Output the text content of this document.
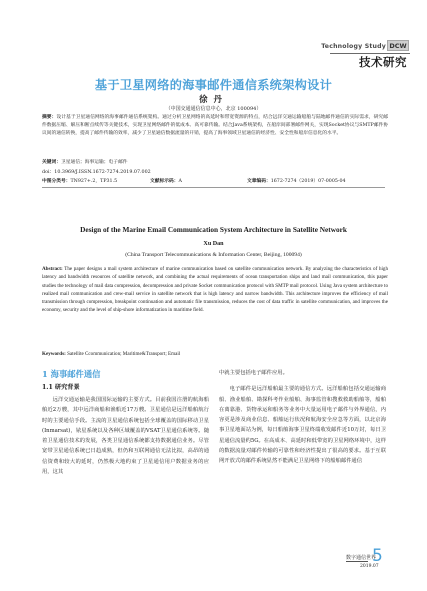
Technology Study DCW
技术研究
基于卫星网络的海事邮件通信系统架构设计
徐丹
（中国交通通信信息中心，北京 100094）
摘要：设计基于卫星通信网络的海事邮件通信系统架构。通过分析卫星网络的高延时和带宽资源的特点，结合远洋交通运输船舶与陆地邮件通信的实际需求，研究邮件数据压缩、解压和断点续传等关键技术，实现卫星网络邮件的低成本、高可靠传输。结合Java系统架构，在船岸间部署邮件网关，实现Socket协议与SMTP邮件协议间的通信转换，提高了邮件传输的效率，减少了卫星通信数据流量的开销，提高了海事领域卫星通信的经济性、安全性和船岸信息化的水平。
关键词：卫星通信；海事运输；电子邮件
doi：10.3969/J.ISSN.1672-7274.2019.07.002
中图分类号：TN927+.2，TP31.5	文献标示码：A	文章编码：1672-7274（2019）07-0005-04
Design of the Marine Email Communication System Architecture in Satellite Network
Xu Dan
(China Transport Telecommunications & Information Center, Beijing, 100094)
Abstract: The paper designs a mail system architecture of marine communication based on satellite communication network. By analyzing the characteristics of high latency and bandwidth resources of satellite network, and combining the actual requirements of ocean transportation ships and land mail communication, this paper studies the technology of mail data compression, decompression and private Socket communication protocol with SMTP mail protocol. Using Java system architecture to realized mail communication and crew-mail service in satellite network that is high latency and narrow bandwidth. This architecture improves the efficiency of mail transmission through compression, breakpoint continuation and automatic file transmission, reduces the cost of data traffic in satellite communication, and improves the economy, security and the level of ship-shore informatization in maritime field.
Keywords: Satellite Ccommunication; Maritime&Transport; Email
1 海事邮件通信
1.1 研究背景

远洋交通运输是我国国际运输的主要方式。目前我国注册的航海船舶近2万艘，其中远洋商船和渔船近17万艘。卫星通信是远洋船舶航行时的主要通信手段。主流的卫星通信系统包括全球覆盖的国际移动卫星(Inmarsat)，铱星系统以及各种区域覆盖的VSAT卫星通信系统等。随着卫星通信技术的发展，各类卫星通信系统都支持数据通信业务。尽管宽带卫星通信系统已日趋成熟，但仍和互联网通信无法比拟，高昂的通信资费和较大的延时，仍然极大地约束了卫星通信用户数据业务的应用，这其

中就主要包括电子邮件应用。

电子邮件是远洋船舶最主要的通信方式。远洋船舶包括交通运输商船、渔业船舶、勘探科考作业船舶、海事监管和搜救救助船舶等，船舶在离靠港、货物承运和船务等业务中大量运用电子邮件与外界通信，内容更是涉及商业信息、船舶运行状况和航海安全应急等方面，以北京海事卫星地面站为例，每日船舶海事卫星终端收发邮件近10万封，每日卫星通信流量约5G。在高成本、高延时和低带宽的卫星网络环境中，这样的数据流量对邮件传输的可靠性和经济性提出了很高的要求。基于互联网开放式的邮件系统显然不能满足卫星网络下的船舶邮件通信

数字通信世界
2019.07
5
